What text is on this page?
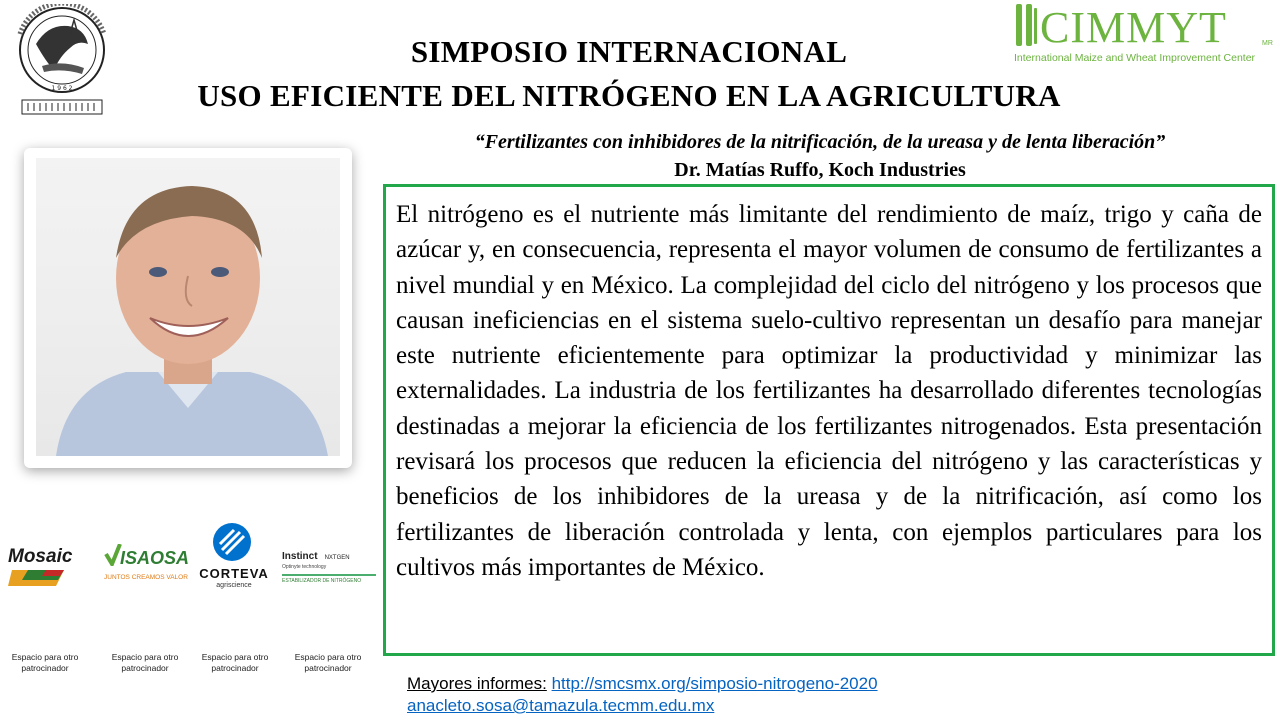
1 9 6 2
SIMPOSIO INTERNACIONAL
USO EFICIENTE DEL NITRÓGENO EN LA AGRICULTURA
CIMMYT	MR
International Maize and Wheat Improvement Center
“Fertilizantes con inhibidores de la nitrificación, de la ureasa y de lenta liberación”
Dr. Matías Ruffo, Koch Industries

El nitrógeno es el nutriente más limitante del rendimiento de maíz, trigo y caña de azúcar y, en consecuencia, representa el mayor volumen de consumo de fertilizantes a nivel mundial y en México. La complejidad del ciclo del nitrógeno y los procesos que causan ineficiencias en el sistema suelo-cultivo representan un desafío para manejar este nutriente eficientemente para optimizar la productividad y minimizar las externalidades. La industria de los fertilizantes ha desarrollado diferentes tecnologías destinadas a mejorar la eficiencia de los fertilizantes nitrogenados. Esta presentación revisará los procesos que reducen la eficiencia del nitrógeno y las características y beneficios de los inhibidores de la ureasa y de la nitrificación, así como los fertilizantes de liberación controlada y lenta, con ejemplos particulares para los cultivos más importantes de México.

Mosaic	ISAOSA
JUNTOS CREAMOS VALOR CORTEVA
agriscience
Instinct NXTGEN
Optinyte technology
ESTABILIZADOR DE NITRÓGENO
Espacio para otro patrocinador
Espacio para otro patrocinador
Espacio para otro patrocinador
Espacio para otro patrocinador
Mayores informes: http://smcsmx.org/simposio-nitrogeno-2020
anacleto.sosa@tamazula.tecmm.edu.mx
